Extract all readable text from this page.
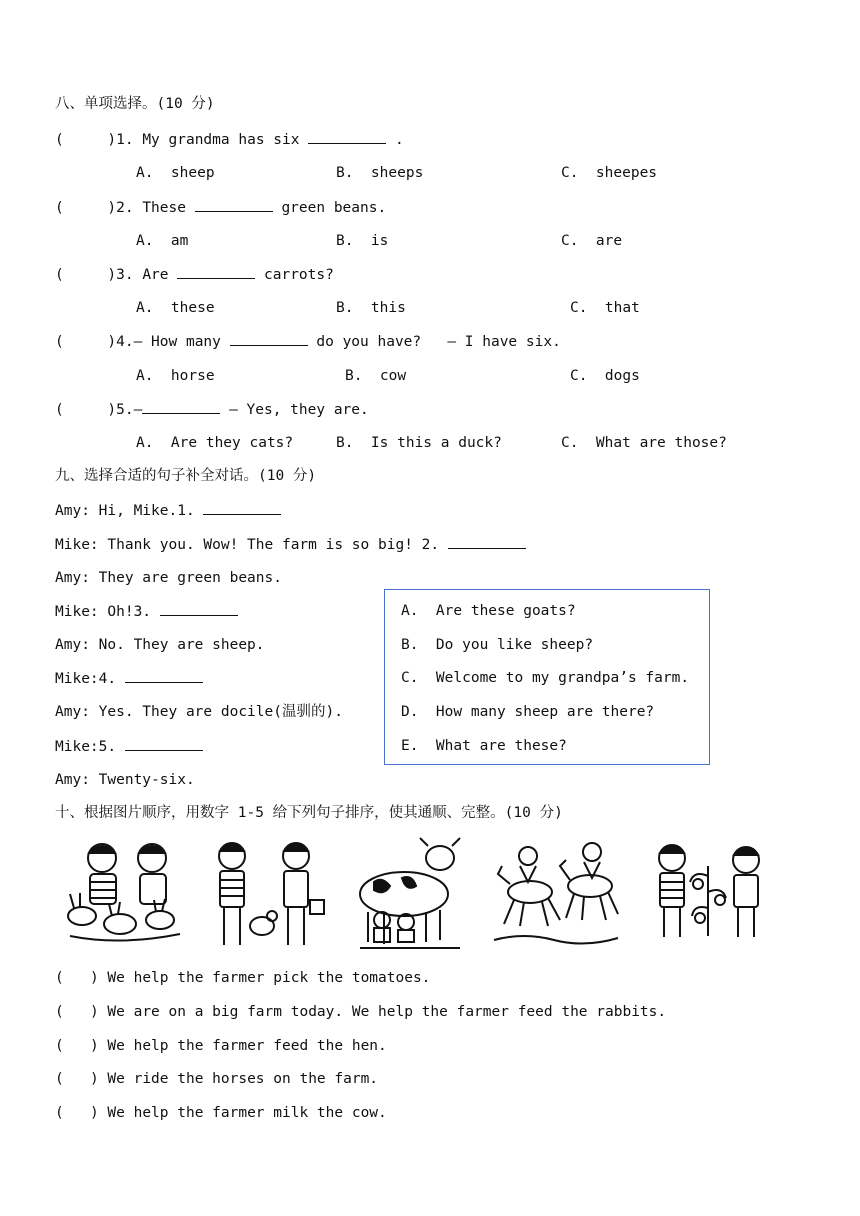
八、单项选择。(10 分)
(	)1. My grandma has six	.
A.  sheep	B.  sheeps	C.  sheepes
(	)2. These	green beans.
A.  am	B.  is	C.  are
(	)3. Are	carrots?
A.  these	B.  this	C.  that
(	)4.— How many	do you have?   — I have six.
A.  horse	B.  cow	C.  dogs
(	)5.—	— Yes, they are.
A.  Are they cats?	B.  Is this a duck?	C.  What are those?
九、选择合适的句子补全对话。(10 分)
Amy: Hi, Mike.1.
Mike: Thank you. Wow! The farm is so big! 2.
Amy: They are green beans.
Mike: Oh!3.
Amy: No. They are sheep.
Mike:4.
Amy: Yes. They are docile(温驯的).
Mike:5.
Amy: Twenty-six.
A.  Are these goats?
B.  Do you like sheep?
C.  Welcome to my grandpa’s farm.
D.  How many sheep are there?
E.  What are these?
十、根据图片顺序，用数字 1-5 给下列句子排序，使其通顺、完整。(10 分)
( ) We help the farmer pick the tomatoes.
( ) We are on a big farm today. We help the farmer feed the rabbits.
( ) We help the farmer feed the hen.
( ) We ride the horses on the farm.
( ) We help the farmer milk the cow.
